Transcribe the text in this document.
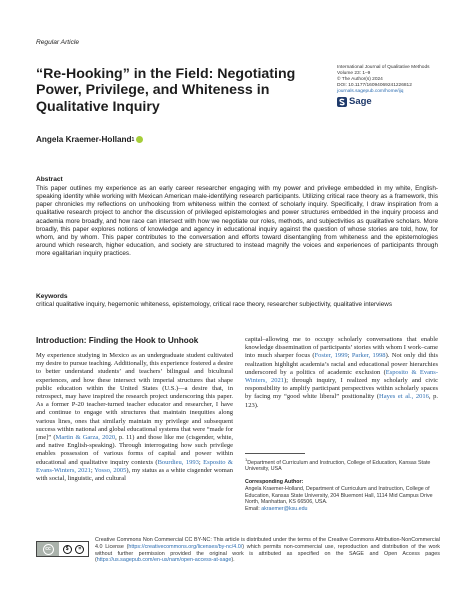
Regular Article
“Re-Hooking” in the Field: Negotiating Power, Privilege, and Whiteness in Qualitative Inquiry
International Journal of Qualitative Methods
Volume 23: 1–9
© The Author(s) 2024
DOI: 10.1177/16094069241226812
journals.sagepub.com/home/ijq
Sage
Angela Kraemer-Holland 1
Abstract

This paper outlines my experience as an early career researcher engaging with my power and privilege embedded in my white, English-speaking identity while working with Mexican American male-identifying research participants. Utilizing critical race theory as a framework, this paper chronicles my reflections on un/hooking from whiteness within the context of scholarly inquiry. Specifically, I draw inspiration from a qualitative research project to anchor the discussion of privileged epistemologies and power structures embedded in the inquiry process and academia more broadly, and how race can intersect with how we negotiate our roles, methods, and subjectivities as qualitative scholars. More broadly, this paper explores notions of knowledge and agency in educational inquiry against the question of whose stories are told, how, for whom, and by whom. This paper contributes to the conversation and efforts toward disentangling from whiteness and the epistemologies around which research, higher education, and society are structured to instead magnify the voices and experiences of participants through more egalitarian inquiry practices.

Keywords

critical qualitative inquiry, hegemonic whiteness, epistemology, critical race theory, researcher subjectivity, qualitative interviews

Introduction: Finding the Hook to Unhook

My experience studying in Mexico as an undergraduate student cultivated my desire to pursue teaching. Additionally, this experience fostered a desire to better understand students’ and teachers’ bilingual and bicultural experiences, and how these intersect with imperial structures that shape public education within the United States (U.S.)—a desire that, in retrospect, may have inspired the research project underscoring this paper. As a former P-20 teacher-turned teacher educator and researcher, I have and continue to engage with structures that maintain inequities along various lines, ones that similarly maintain my privilege and subsequent success within national and global educational systems that were “made for [me]” (Martin & Garza, 2020, p. 11) and those like me (cisgender, white, and native English-speaking). Through interrogating how such privilege enables possession of various forms of capital and power within educational and qualitative inquiry contexts (Bourdieu, 1993; Esposito & Evans-Winters, 2021; Yosso, 2005), my status as a white cisgender woman with social, linguistic, and cultural

capital–allowing me to occupy scholarly conversations that enable knowledge dissemination of participants’ stories with whom I work–came into much sharper focus (Foster, 1999; Parker, 1998). Not only did this realization highlight academia’s racial and educational power hierarchies underscored by a politics of academic exclusion (Esposito & Evans-Winters, 2021); through inquiry, I realized my scholarly and civic responsibility to amplify participant perspectives within scholarly spaces by facing my “good white liberal” positionality (Hayes et al., 2016, p. 123).

$^1$Department of Curriculum and Instruction, College of Education, Kansas State University, USA
Corresponding Author:
Angela Kraemer-Holland, Department of Curriculum and Instruction, College of Education, Kansas State University, 204 Bluemont Hall, 1114 Mid Campus Drive North, Manhattan, KS 66506, USA.
Email: akraemer@ksu.edu
cc	$	=

Creative Commons Non Commercial CC BY-NC: This article is distributed under the terms of the Creative Commons Attribution-NonCommercial 4.0 License (https://creativecommons.org/licenses/by-nc/4.0/) which permits non-commercial use, reproduction and distribution of the work without further permission provided the original work is attributed as specified on the SAGE and Open Access pages (https://us.sagepub.com/en-us/nam/open-access-at-sage).
